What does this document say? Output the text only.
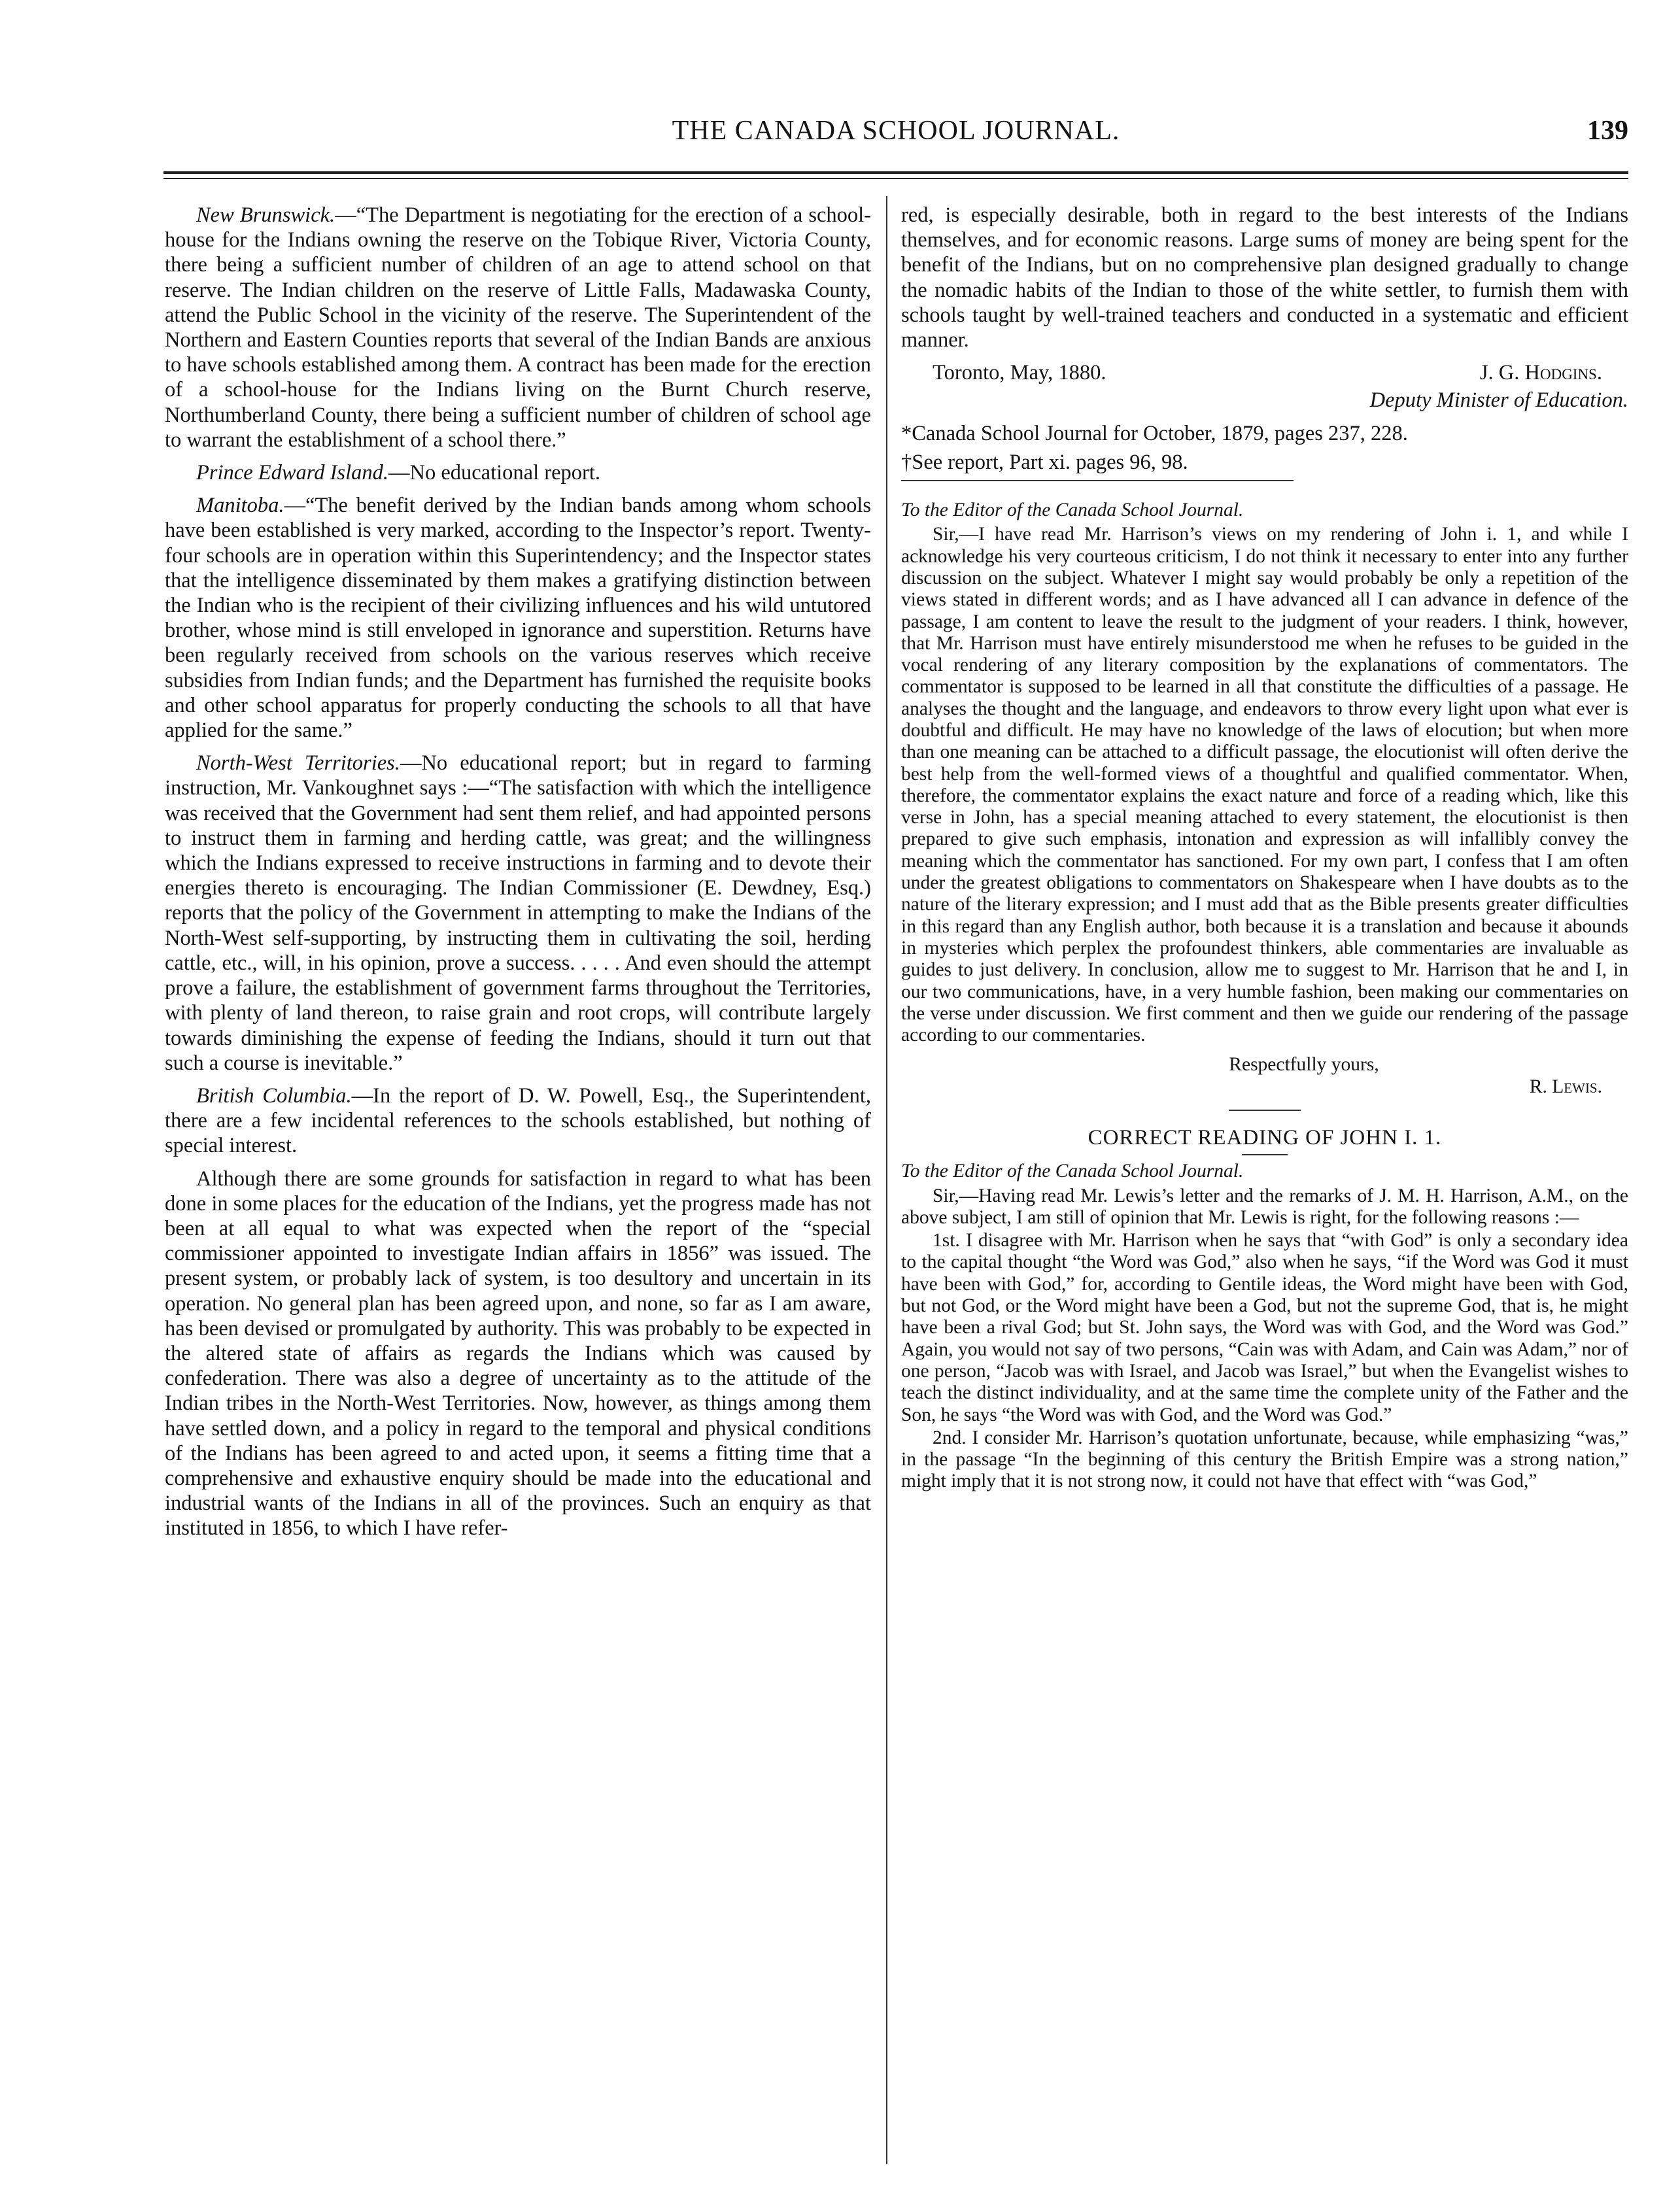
THE CANADA SCHOOL JOURNAL.	139

New Brunswick.—“The Department is negotiating for the erection of a school-house for the Indians owning the reserve on the Tobique River, Victoria County, there being a sufficient number of children of an age to attend school on that reserve. The Indian children on the reserve of Little Falls, Madawaska County, attend the Public School in the vicinity of the reserve. The Superintendent of the Northern and Eastern Counties reports that several of the Indian Bands are anxious to have schools established among them. A contract has been made for the erection of a school-house for the Indians living on the Burnt Church reserve, Northumberland County, there being a sufficient number of children of school age to warrant the establishment of a school there.”

Prince Edward Island.—No educational report.

Manitoba.—“The benefit derived by the Indian bands among whom schools have been established is very marked, according to the Inspector’s report. Twenty-four schools are in operation within this Superintendency; and the Inspector states that the intelligence disseminated by them makes a gratifying distinction between the Indian who is the recipient of their civilizing influences and his wild untutored brother, whose mind is still enveloped in ignorance and superstition. Returns have been regularly received from schools on the various reserves which receive subsidies from Indian funds; and the Department has furnished the requisite books and other school apparatus for properly conducting the schools to all that have applied for the same.”

North-West Territories.—No educational report; but in regard to farming instruction, Mr. Vankoughnet says :—“The satisfaction with which the intelligence was received that the Government had sent them relief, and had appointed persons to instruct them in farming and herding cattle, was great; and the willingness which the Indians expressed to receive instructions in farming and to devote their energies thereto is encouraging. The Indian Commissioner (E. Dewdney, Esq.) reports that the policy of the Government in attempting to make the Indians of the North-West self-supporting, by instructing them in cultivating the soil, herding cattle, etc., will, in his opinion, prove a success. . . . . And even should the attempt prove a failure, the establishment of government farms throughout the Territories, with plenty of land thereon, to raise grain and root crops, will contribute largely towards diminishing the expense of feeding the Indians, should it turn out that such a course is inevitable.”

British Columbia.—In the report of D. W. Powell, Esq., the Superintendent, there are a few incidental references to the schools established, but nothing of special interest.

Although there are some grounds for satisfaction in regard to what has been done in some places for the education of the Indians, yet the progress made has not been at all equal to what was expected when the report of the “special commissioner appointed to investigate Indian affairs in 1856” was issued. The present system, or probably lack of system, is too desultory and uncertain in its operation. No general plan has been agreed upon, and none, so far as I am aware, has been devised or promulgated by authority. This was probably to be expected in the altered state of affairs as regards the Indians which was caused by confederation. There was also a degree of uncertainty as to the attitude of the Indian tribes in the North-West Territories. Now, however, as things among them have settled down, and a policy in regard to the temporal and physical conditions of the Indians has been agreed to and acted upon, it seems a fitting time that a comprehensive and exhaustive enquiry should be made into the educational and industrial wants of the Indians in all of the provinces. Such an enquiry as that instituted in 1856, to which I have refer-

red, is especially desirable, both in regard to the best interests of the Indians themselves, and for economic reasons. Large sums of money are being spent for the benefit of the Indians, but on no comprehensive plan designed gradually to change the nomadic habits of the Indian to those of the white settler, to furnish them with schools taught by well-trained teachers and conducted in a systematic and efficient manner.

Toronto, May, 1880.	J. G. Hodgins.
Deputy Minister of Education.
*Canada School Journal for October, 1879, pages 237, 228.
†See report, Part xi. pages 96, 98.
To the Editor of the Canada School Journal.

Sir,—I have read Mr. Harrison’s views on my rendering of John i. 1, and while I acknowledge his very courteous criticism, I do not think it necessary to enter into any further discussion on the subject. Whatever I might say would probably be only a repetition of the views stated in different words; and as I have advanced all I can advance in defence of the passage, I am content to leave the result to the judgment of your readers. I think, however, that Mr. Harrison must have entirely misunderstood me when he refuses to be guided in the vocal rendering of any literary composition by the explanations of commentators. The commentator is supposed to be learned in all that constitute the difficulties of a passage. He analyses the thought and the language, and endeavors to throw every light upon what ever is doubtful and difficult. He may have no knowledge of the laws of elocution; but when more than one meaning can be attached to a difficult passage, the elocutionist will often derive the best help from the well-formed views of a thoughtful and qualified commentator. When, therefore, the commentator explains the exact nature and force of a reading which, like this verse in John, has a special meaning attached to every statement, the elocutionist is then prepared to give such emphasis, intonation and expression as will infallibly convey the meaning which the commentator has sanctioned. For my own part, I confess that I am often under the greatest obligations to commentators on Shakespeare when I have doubts as to the nature of the literary expression; and I must add that as the Bible presents greater difficulties in this regard than any English author, both because it is a translation and because it abounds in mysteries which perplex the profoundest thinkers, able commentaries are invaluable as guides to just delivery. In conclusion, allow me to suggest to Mr. Harrison that he and I, in our two communications, have, in a very humble fashion, been making our commentaries on the verse under discussion. We first comment and then we guide our rendering of the passage according to our commentaries.

Respectfully yours,
R. Lewis.
CORRECT READING OF JOHN I. 1.
To the Editor of the Canada School Journal.

Sir,—Having read Mr. Lewis’s letter and the remarks of J. M. H. Harrison, A.M., on the above subject, I am still of opinion that Mr. Lewis is right, for the following reasons :—

1st. I disagree with Mr. Harrison when he says that “with God” is only a secondary idea to the capital thought “the Word was God,” also when he says, “if the Word was God it must have been with God,” for, according to Gentile ideas, the Word might have been with God, but not God, or the Word might have been a God, but not the supreme God, that is, he might have been a rival God; but St. John says, the Word was with God, and the Word was God.” Again, you would not say of two persons, “Cain was with Adam, and Cain was Adam,” nor of one person, “Jacob was with Israel, and Jacob was Israel,” but when the Evangelist wishes to teach the distinct individuality, and at the same time the complete unity of the Father and the Son, he says “the Word was with God, and the Word was God.”

2nd. I consider Mr. Harrison’s quotation unfortunate, because, while emphasizing “was,” in the passage “In the beginning of this century the British Empire was a strong nation,” might imply that it is not strong now, it could not have that effect with “was God,”
